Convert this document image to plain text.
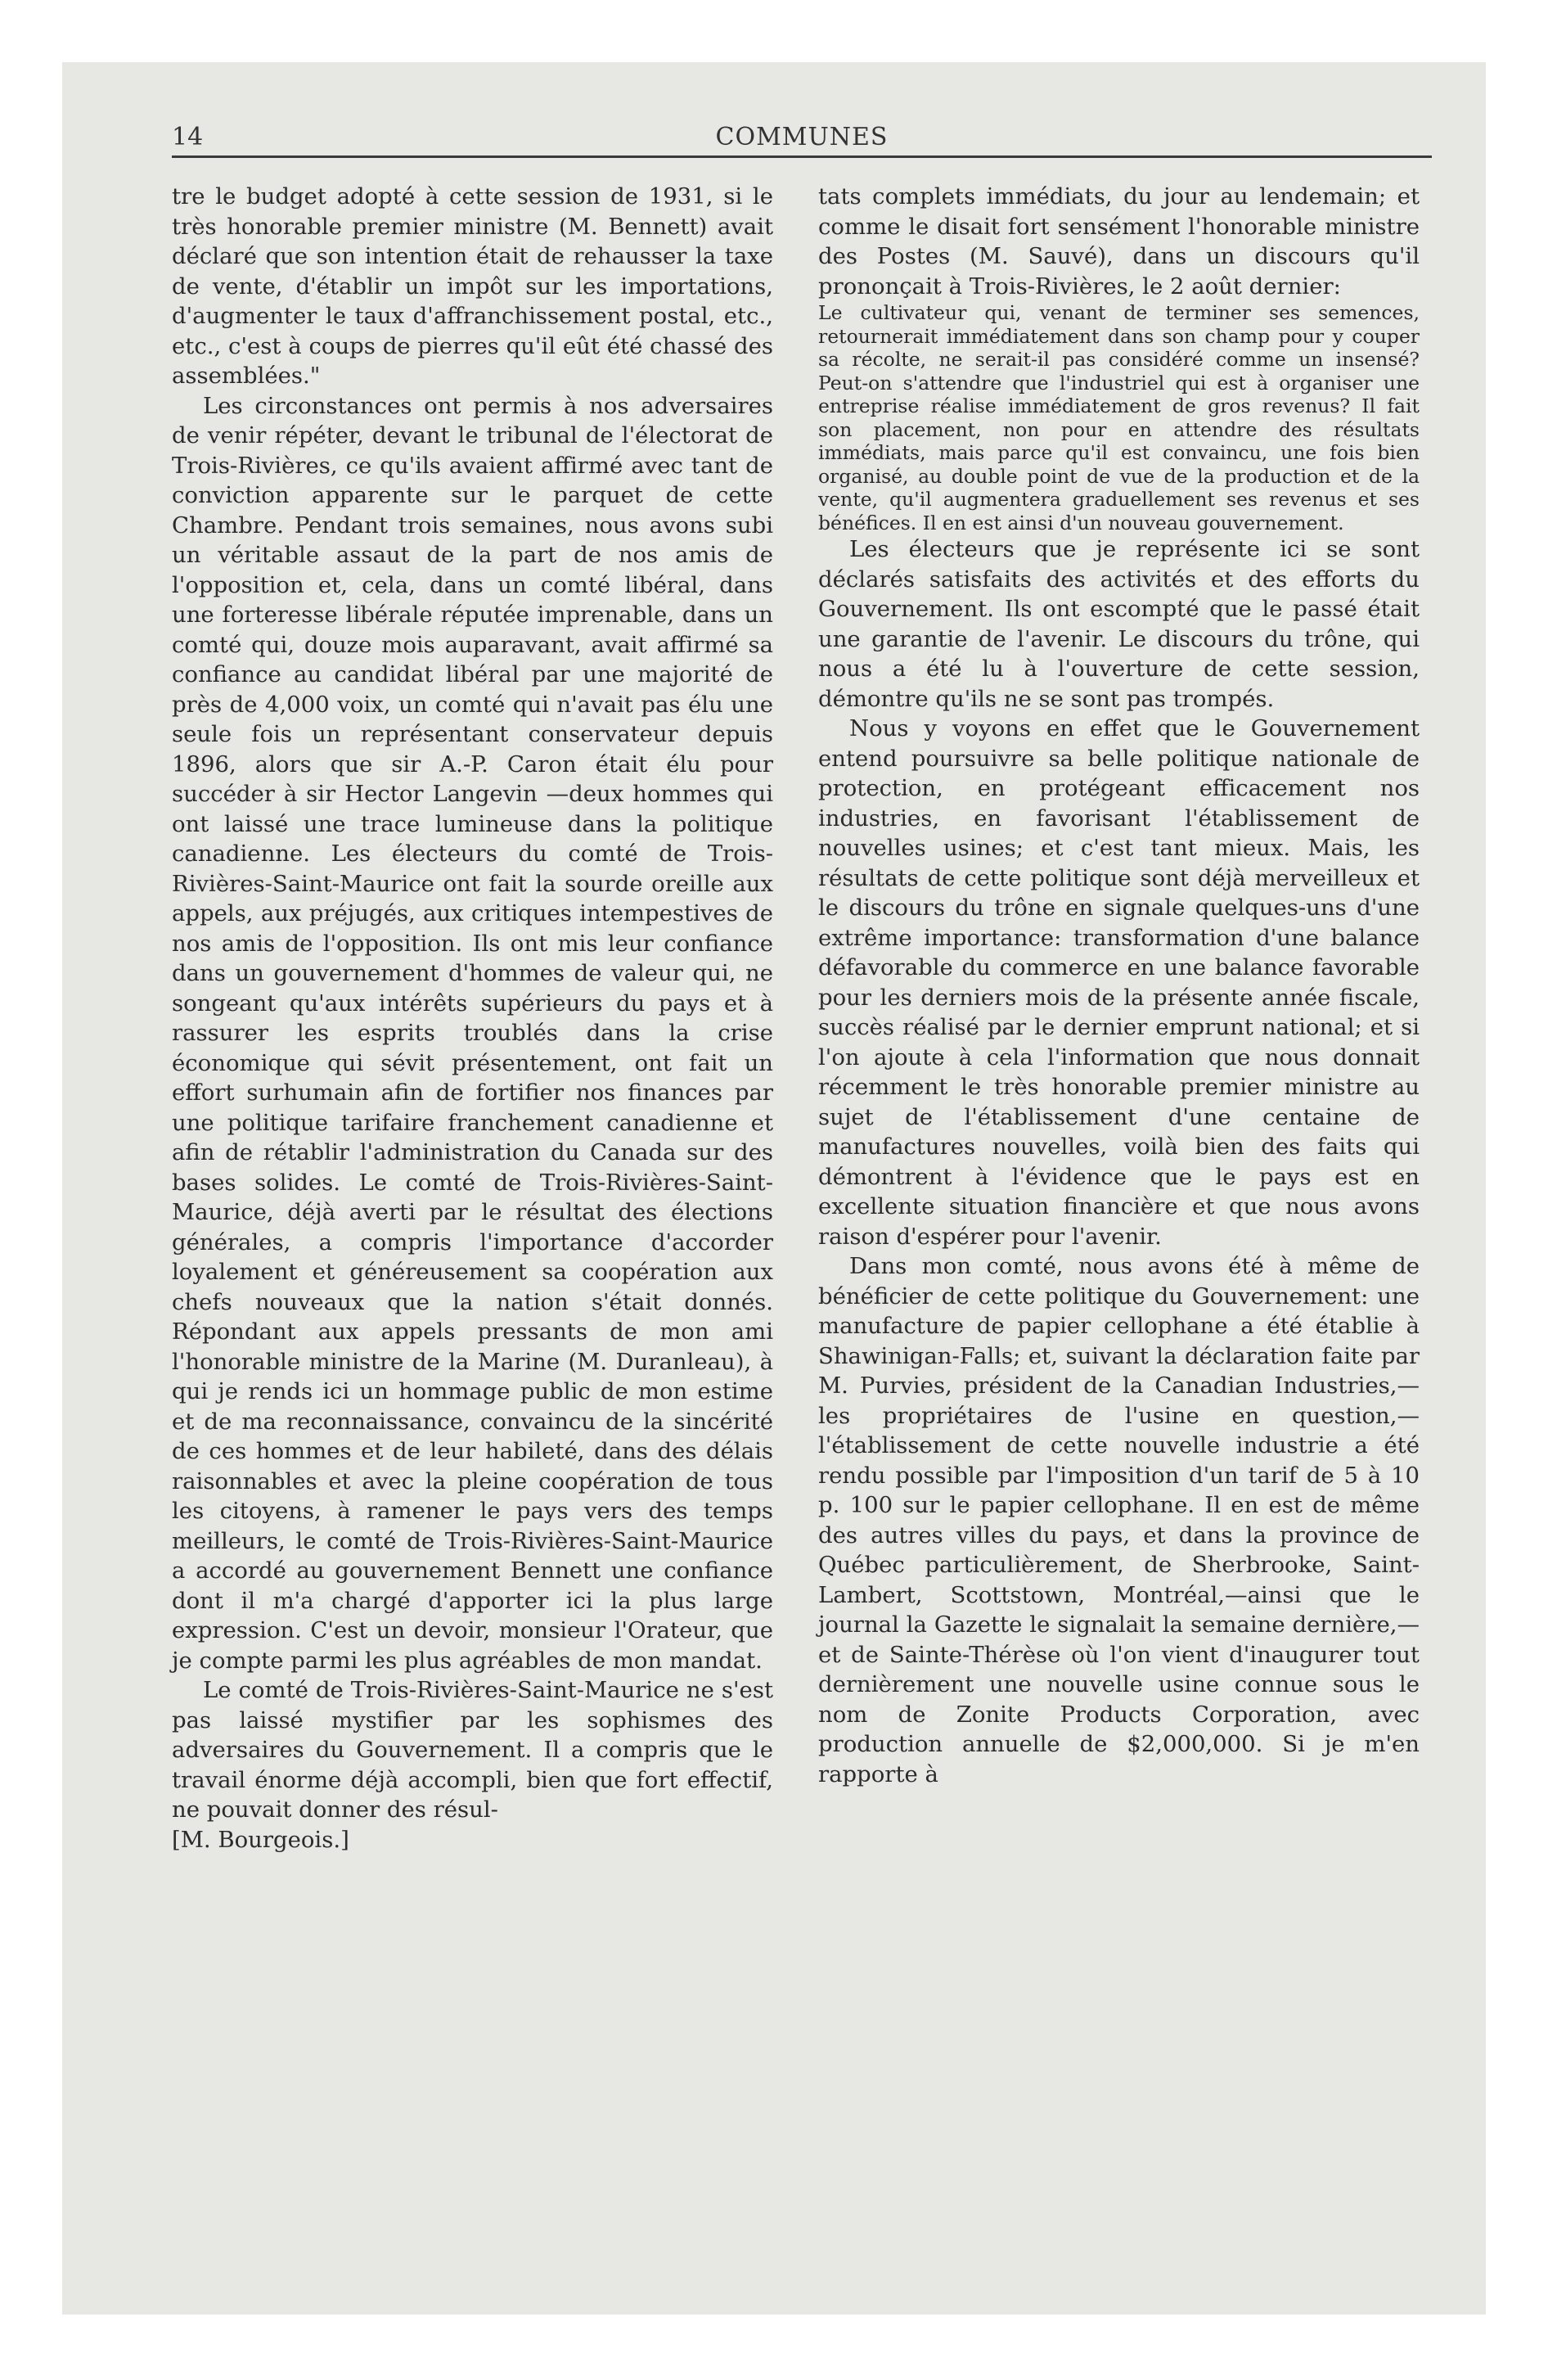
14	COMMUNES

tre le budget adopté à cette session de 1931, si le très honorable premier ministre (M. Bennett) avait déclaré que son intention était de rehausser la taxe de vente, d'établir un impôt sur les importations, d'augmenter le taux d'affranchissement postal, etc., etc., c'est à coups de pierres qu'il eût été chassé des assemblées."

Les circonstances ont permis à nos adversaires de venir répéter, devant le tribunal de l'électorat de Trois-Rivières, ce qu'ils avaient affirmé avec tant de conviction apparente sur le parquet de cette Chambre. Pendant trois semaines, nous avons subi un véritable assaut de la part de nos amis de l'opposition et, cela, dans un comté libéral, dans une forteresse libérale réputée imprenable, dans un comté qui, douze mois auparavant, avait affirmé sa confiance au candidat libéral par une majorité de près de 4,000 voix, un comté qui n'avait pas élu une seule fois un représentant conservateur depuis 1896, alors que sir A.-P. Caron était élu pour succéder à sir Hector Langevin —deux hommes qui ont laissé une trace lumineuse dans la politique canadienne. Les électeurs du comté de Trois-Rivières-Saint-Maurice ont fait la sourde oreille aux appels, aux préjugés, aux critiques intempestives de nos amis de l'opposition. Ils ont mis leur confiance dans un gouvernement d'hommes de valeur qui, ne songeant qu'aux intérêts supérieurs du pays et à rassurer les esprits troublés dans la crise économique qui sévit présentement, ont fait un effort surhumain afin de fortifier nos finances par une politique tarifaire franchement canadienne et afin de rétablir l'administration du Canada sur des bases solides. Le comté de Trois-Rivières-Saint-Maurice, déjà averti par le résultat des élections générales, a compris l'importance d'accorder loyalement et généreusement sa coopération aux chefs nouveaux que la nation s'était donnés. Répondant aux appels pressants de mon ami l'honorable ministre de la Marine (M. Duranleau), à qui je rends ici un hommage public de mon estime et de ma reconnaissance, convaincu de la sincérité de ces hommes et de leur habileté, dans des délais raisonnables et avec la pleine coopération de tous les citoyens, à ramener le pays vers des temps meilleurs, le comté de Trois-Rivières-Saint-Maurice a accordé au gouvernement Bennett une confiance dont il m'a chargé d'apporter ici la plus large expression. C'est un devoir, monsieur l'Orateur, que je compte parmi les plus agréables de mon mandat.

Le comté de Trois-Rivières-Saint-Maurice ne s'est pas laissé mystifier par les sophismes des adversaires du Gouvernement. Il a compris que le travail énorme déjà accompli, bien que fort effectif, ne pouvait donner des résul-

[M. Bourgeois.]

tats complets immédiats, du jour au lendemain; et comme le disait fort sensément l'honorable ministre des Postes (M. Sauvé), dans un discours qu'il prononçait à Trois-Rivières, le 2 août dernier:

Le cultivateur qui, venant de terminer ses semences, retournerait immédiatement dans son champ pour y couper sa récolte, ne serait-il pas considéré comme un insensé? Peut-on s'attendre que l'industriel qui est à organiser une entreprise réalise immédiatement de gros revenus? Il fait son placement, non pour en attendre des résultats immédiats, mais parce qu'il est convaincu, une fois bien organisé, au double point de vue de la production et de la vente, qu'il augmentera graduellement ses revenus et ses bénéfices. Il en est ainsi d'un nouveau gouvernement.

Les électeurs que je représente ici se sont déclarés satisfaits des activités et des efforts du Gouvernement. Ils ont escompté que le passé était une garantie de l'avenir. Le discours du trône, qui nous a été lu à l'ouverture de cette session, démontre qu'ils ne se sont pas trompés.

Nous y voyons en effet que le Gouvernement entend poursuivre sa belle politique nationale de protection, en protégeant efficacement nos industries, en favorisant l'établissement de nouvelles usines; et c'est tant mieux. Mais, les résultats de cette politique sont déjà merveilleux et le discours du trône en signale quelques-uns d'une extrême importance: transformation d'une balance défavorable du commerce en une balance favorable pour les derniers mois de la présente année fiscale, succès réalisé par le dernier emprunt national; et si l'on ajoute à cela l'information que nous donnait récemment le très honorable premier ministre au sujet de l'établissement d'une centaine de manufactures nouvelles, voilà bien des faits qui démontrent à l'évidence que le pays est en excellente situation financière et que nous avons raison d'espérer pour l'avenir.

Dans mon comté, nous avons été à même de bénéficier de cette politique du Gouvernement: une manufacture de papier cellophane a été établie à Shawinigan-Falls; et, suivant la déclaration faite par M. Purvies, président de la Canadian Industries,—les propriétaires de l'usine en question,—l'établissement de cette nouvelle industrie a été rendu possible par l'imposition d'un tarif de 5 à 10 p. 100 sur le papier cellophane. Il en est de même des autres villes du pays, et dans la province de Québec particulièrement, de Sherbrooke, Saint-Lambert, Scottstown, Montréal,—ainsi que le journal la Gazette le signalait la semaine dernière,—et de Sainte-Thérèse où l'on vient d'inaugurer tout dernièrement une nouvelle usine connue sous le nom de Zonite Products Corporation, avec production annuelle de $2,000,000. Si je m'en rapporte à
